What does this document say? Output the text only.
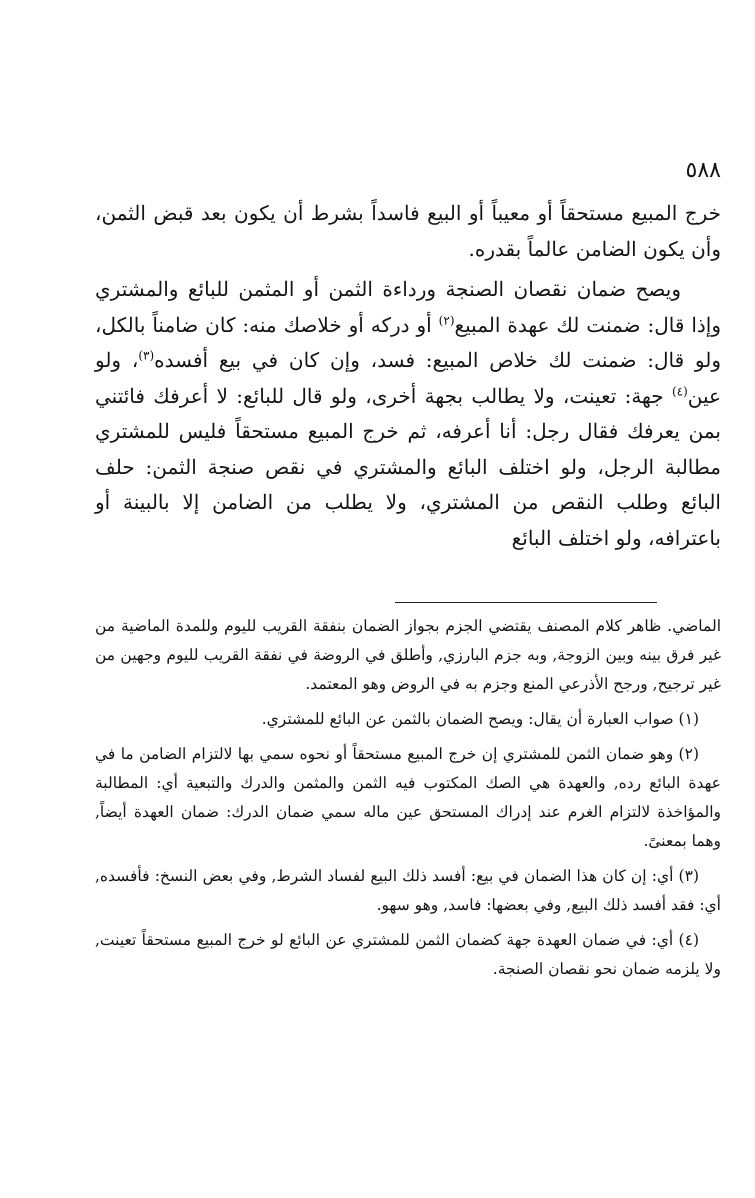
٥٨٨

خرج المبيع مستحقاً أو معيباً أو البيع فاسداً بشرط أن يكون بعد قبض الثمن، وأن يكون الضامن عالماً بقدره.

ويصح ضمان نقصان الصنجة ورداءة الثمن أو المثمن للبائع والمشتري وإذا قال: ضمنت لك عهدة المبيع$^{(٢)}$ أو دركه أو خلاصك منه: كان ضامناً بالكل، ولو قال: ضمنت لك خلاص المبيع: فسد، وإن كان في بيع أفسده$^{(٣)}$، ولو عين$^{(٤)}$ جهة: تعينت، ولا يطالب بجهة أخرى، ولو قال للبائع: لا أعرفك فائتني بمن يعرفك فقال رجل: أنا أعرفه، ثم خرج المبيع مستحقاً فليس للمشتري مطالبة الرجل، ولو اختلف البائع والمشتري في نقص صنجة الثمن: حلف البائع وطلب النقص من المشتري، ولا يطلب من الضامن إلا بالبينة أو باعترافه، ولو اختلف البائع

الماضي. ظاهر كلام المصنف يقتضي الجزم بجواز الضمان بنفقة القريب لليوم وللمدة الماضية من غير فرق بينه وبين الزوجة, وبه جزم البارزي, وأطلق في الروضة في نفقة القريب لليوم وجهين من غير ترجيح, ورجح الأذرعي المنع وجزم به في الروض وهو المعتمد.

(١) صواب العبارة أن يقال: ويصح الضمان بالثمن عن البائع للمشتري.

(٢) وهو ضمان الثمن للمشتري إن خرج المبيع مستحقاً أو نحوه سمي بها لالتزام الضامن ما في عهدة البائع رده, والعهدة هي الصك المكتوب فيه الثمن والمثمن والدرك والتبعية أي: المطالبة والمؤاخذة لالتزام الغرم عند إدراك المستحق عين ماله سمي ضمان الدرك: ضمان العهدة أيضاً, وهما بمعنىً.

(٣) أي: إن كان هذا الضمان في بيع: أفسد ذلك البيع لفساد الشرط, وفي بعض النسخ: فأفسده, أي: فقد أفسد ذلك البيع, وفي بعضها: فاسد, وهو سهو.

(٤) أي: في ضمان العهدة جهة كضمان الثمن للمشتري عن البائع لو خرج المبيع مستحقاً تعينت, ولا يلزمه ضمان نحو نقصان الصنجة.
